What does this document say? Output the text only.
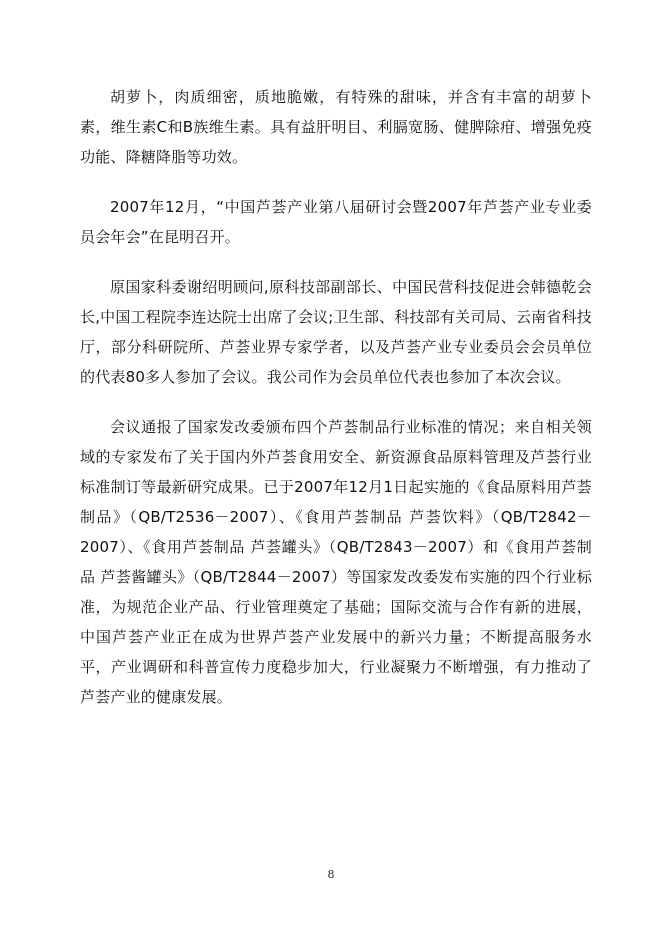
胡萝卜，肉质细密，质地脆嫩，有特殊的甜味，并含有丰富的胡萝卜素，维生素C和B族维生素。具有益肝明目、利膈宽肠、健脾除疳、增强免疫功能、降糖降脂等功效。

2007年12月，“中国芦荟产业第八届研讨会暨2007年芦荟产业专业委员会年会”在昆明召开。

原国家科委谢绍明顾问,原科技部副部长、中国民营科技促进会韩德乾会长,中国工程院李连达院士出席了会议;卫生部、科技部有关司局、云南省科技厅，部分科研院所、芦荟业界专家学者，以及芦荟产业专业委员会会员单位的代表80多人参加了会议。我公司作为会员单位代表也参加了本次会议。

会议通报了国家发改委颁布四个芦荟制品行业标准的情况；来自相关领域的专家发布了关于国内外芦荟食用安全、新资源食品原料管理及芦荟行业标准制订等最新研究成果。已于2007年12月1日起实施的《食品原料用芦荟制品》（QB/T2536－2007）、《食用芦荟制品 芦荟饮料》（QB/T2842－2007）、《食用芦荟制品 芦荟罐头》（QB/T2843－2007）和《食用芦荟制品 芦荟酱罐头》（QB/T2844－2007）等国家发改委发布实施的四个行业标准，为规范企业产品、行业管理奠定了基础；国际交流与合作有新的进展，中国芦荟产业正在成为世界芦荟产业发展中的新兴力量；不断提高服务水平，产业调研和科普宣传力度稳步加大，行业凝聚力不断增强，有力推动了芦荟产业的健康发展。

8
